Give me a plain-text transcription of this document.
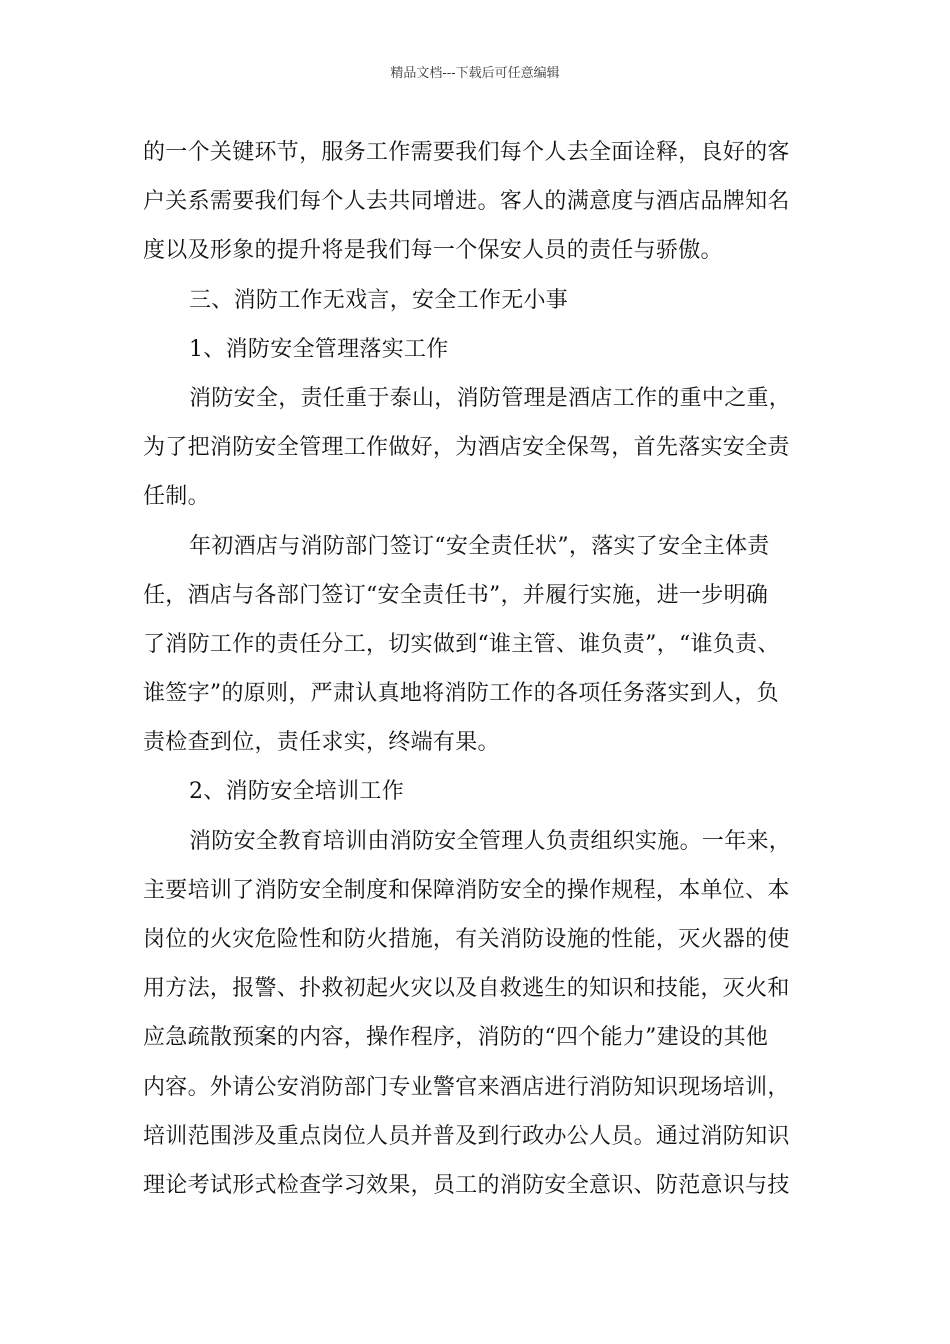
精品文档---下载后可任意编辑
的一个关键环节，服务工作需要我们每个人去全面诠释，良好的客
户关系需要我们每个人去共同增进。客人的满意度与酒店品牌知名
度以及形象的提升将是我们每一个保安人员的责任与骄傲。
三、消防工作无戏言，安全工作无小事
1、消防安全管理落实工作
消防安全，责任重于泰山，消防管理是酒店工作的重中之重，
为了把消防安全管理工作做好，为酒店安全保驾，首先落实安全责
任制。
年初酒店与消防部门签订“安全责任状”，落实了安全主体责
任，酒店与各部门签订“安全责任书”，并履行实施，进一步明确
了消防工作的责任分工，切实做到“谁主管、谁负责”，“谁负责、
谁签字”的原则，严肃认真地将消防工作的各项任务落实到人，负
责检查到位，责任求实，终端有果。
2、消防安全培训工作
消防安全教育培训由消防安全管理人负责组织实施。一年来，
主要培训了消防安全制度和保障消防安全的操作规程，本单位、本
岗位的火灾危险性和防火措施，有关消防设施的性能，灭火器的使
用方法，报警、扑救初起火灾以及自救逃生的知识和技能，灭火和
应急疏散预案的内容，操作程序，消防的“四个能力”建设的其他
内容。外请公安消防部门专业警官来酒店进行消防知识现场培训，
培训范围涉及重点岗位人员并普及到行政办公人员。通过消防知识
理论考试形式检查学习效果，员工的消防安全意识、防范意识与技
